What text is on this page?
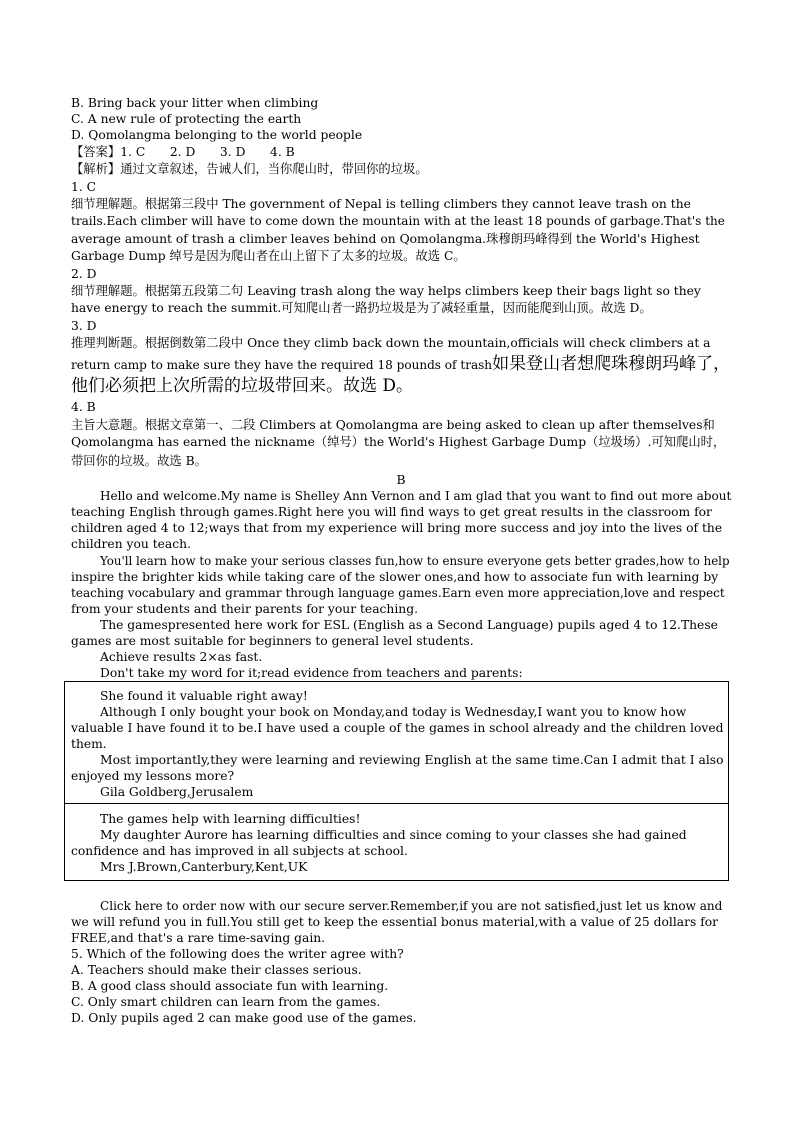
B. Bring back your litter when climbing
C. A new rule of protecting the earth
D. Qomolangma belonging to the world people
【答案】1. C　　2. D　　3. D　　4. B
【解析】通过文章叙述，告诫人们，当你爬山时，带回你的垃圾。
1. C
细节理解题。根据第三段中 The government of Nepal is telling climbers they cannot leave trash on the
trails.Each climber will have to come down the mountain with at the least 18 pounds of garbage.That's the
average amount of trash a climber leaves behind on Qomolangma.珠穆朗玛峰得到 the World's Highest
Garbage Dump 绰号是因为爬山者在山上留下了太多的垃圾。故选 C。
2. D
细节理解题。根据第五段第二句 Leaving trash along the way helps climbers keep their bags light so they
have energy to reach the summit.可知爬山者一路扔垃圾是为了减轻重量，因而能爬到山顶。故选 D。
3. D
推理判断题。根据倒数第二段中 Once they climb back down the mountain,officials will check climbers at a
return camp to make sure they have the required 18 pounds of trash如果登山者想爬珠穆朗玛峰了，
他们必须把上次所需的垃圾带回来。故选 D。
4. B
主旨大意题。根据文章第一、二段 Climbers at Qomolangma are being asked to clean up after themselves和
Qomolangma has earned the nickname（绰号）the World's Highest Garbage Dump（垃圾场）.可知爬山时，
带回你的垃圾。故选 B。
B
Hello and welcome.My name is Shelley Ann Vernon and I am glad that you want to find out more about
teaching English through games.Right here you will find ways to get great results in the classroom for
children aged 4 to 12;ways that from my experience will bring more success and joy into the lives of the
children you teach.
You'll learn how to make your serious classes fun,how to ensure everyone gets better grades,how to help
inspire the brighter kids while taking care of the slower ones,and how to associate fun with learning by
teaching vocabulary and grammar through language games.Earn even more appreciation,love and respect
from your students and their parents for your teaching.
The gamespresented here work for ESL (English as a Second Language) pupils aged 4 to 12.These
games are most suitable for beginners to general level students.
Achieve results 2×as fast.
Don't take my word for it;read evidence from teachers and parents:
She found it valuable right away!
Although I only bought your book on Monday,and today is Wednesday,I want you to know how
valuable I have found it to be.I have used a couple of the games in school already and the children loved
them.
Most importantly,they were learning and reviewing English at the same time.Can I admit that I also
enjoyed my lessons more?
Gila Goldberg,Jerusalem
The games help with learning difficulties!
My daughter Aurore has learning difficulties and since coming to your classes she had gained
confidence and has improved in all subjects at school.
Mrs J.Brown,Canterbury,Kent,UK
Click here to order now with our secure server.Remember,if you are not satisfied,just let us know and
we will refund you in full.You still get to keep the essential bonus material,with a value of 25 dollars for
FREE,and that's a rare time-saving gain.
5. Which of the following does the writer agree with?
A. Teachers should make their classes serious.
B. A good class should associate fun with learning.
C. Only smart children can learn from the games.
D. Only pupils aged 2 can make good use of the games.
